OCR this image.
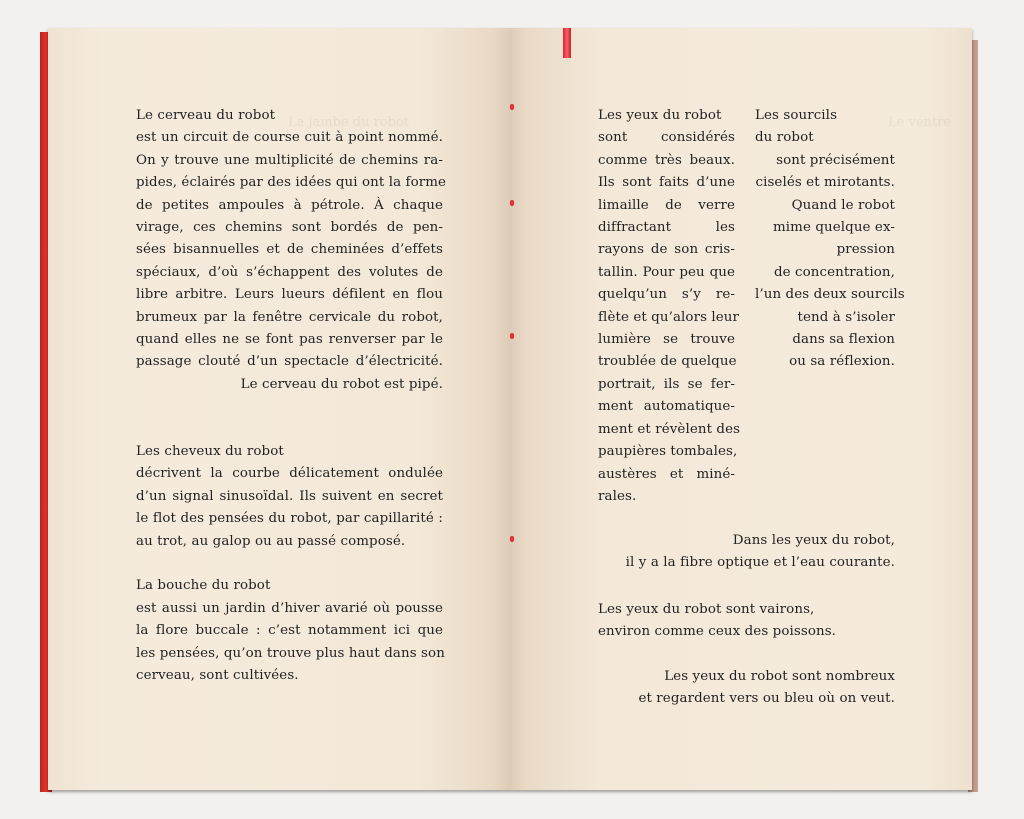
La jambe du robot	Le ventre
Le cerveau du robot
est un circuit de course cuit à point nommé.
On y trouve une multiplicité de chemins ra-
pides, éclairés par des idées qui ont la forme
de petites ampoules à pétrole. À chaque
virage, ces chemins sont bordés de pen-
sées bisannuelles et de cheminées d’effets
spéciaux, d’où s’échappent des volutes de
libre arbitre. Leurs lueurs défilent en flou
brumeux par la fenêtre cervicale du robot,
quand elles ne se font pas renverser par le
passage clouté d’un spectacle d’électricité.
Le cerveau du robot est pipé.
Les cheveux du robot
décrivent la courbe délicatement ondulée
d’un signal sinusoïdal. Ils suivent en secret
le flot des pensées du robot, par capillarité :
au trot, au galop ou au passé composé.
La bouche du robot
est aussi un jardin d’hiver avarié où pousse
la flore buccale : c’est notamment ici que
les pensées, qu’on trouve plus haut dans son
cerveau, sont cultivées.
Les yeux du robot
sont considérés
comme très beaux.
Ils sont faits d’une
limaille de verre
diffractant les
rayons de son cris-
tallin. Pour peu que
quelqu’un s’y re-
flète et qu’alors leur
lumière se trouve
troublée de quelque
portrait, ils se fer-
ment automatique-
ment et révèlent des
paupières tombales,
austères et miné-
rales.
Les sourcils
du robot
sont précisément
ciselés et mirotants.
Quand le robot
mime quelque ex-
pression
de concentration,
l’un des deux sourcils
tend à s’isoler
dans sa flexion
ou sa réflexion.
Dans les yeux du robot,
il y a la fibre optique et l’eau courante.
Les yeux du robot sont vairons,
environ comme ceux des poissons.
Les yeux du robot sont nombreux
et regardent vers ou bleu où on veut.
